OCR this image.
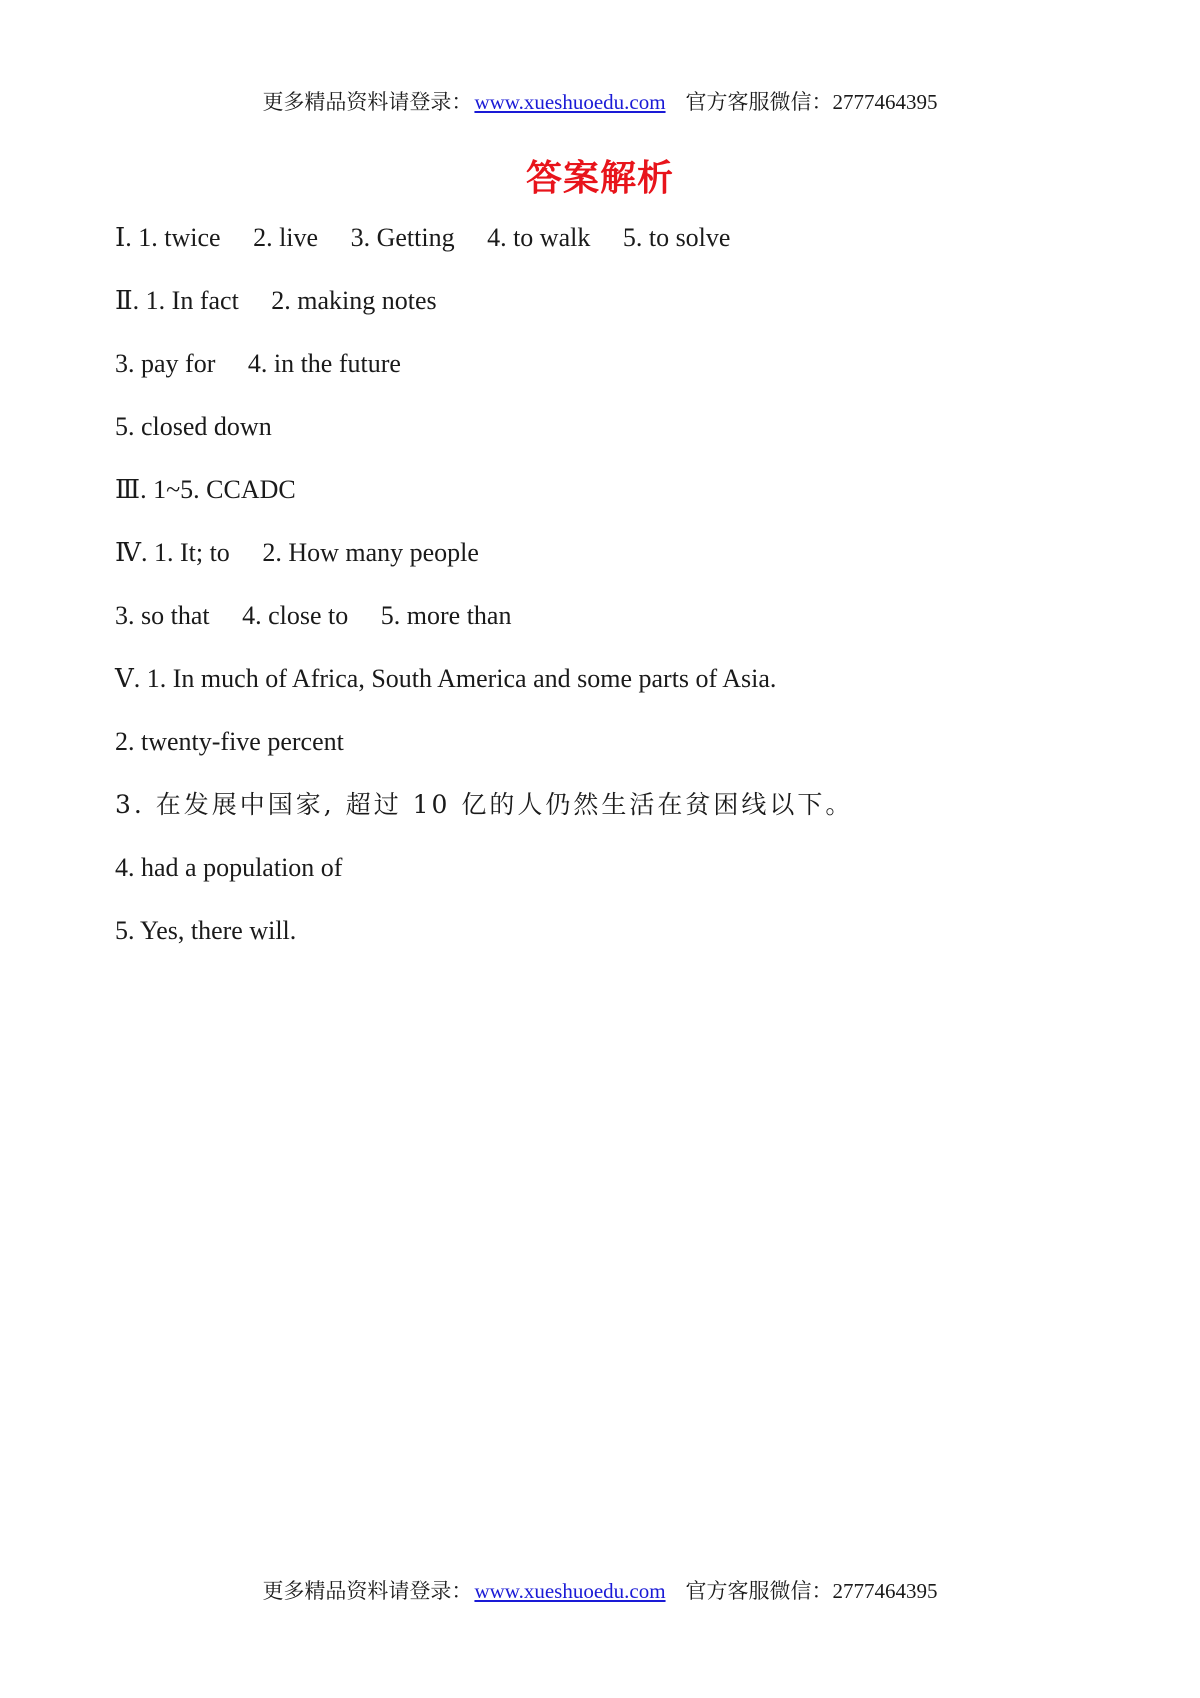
更多精品资料请登录：www.xueshuoedu.com 官方客服微信：2777464395
答案解析
Ⅰ. 1. twice 2. live 3. Getting 4. to walk 5. to solve
Ⅱ. 1. In fact 2. making notes
3. pay for 4. in the future
5. closed down
Ⅲ. 1~5. CCADC
Ⅳ. 1. It; to 2. How many people
3. so that 4. close to 5. more than
Ⅴ. 1. In much of Africa, South America and some parts of Asia.
2. twenty-five percent
3. 在发展中国家, 超过 10 亿的人仍然生活在贫困线以下。
4. had a population of
5. Yes, there will.
更多精品资料请登录：www.xueshuoedu.com 官方客服微信：2777464395
